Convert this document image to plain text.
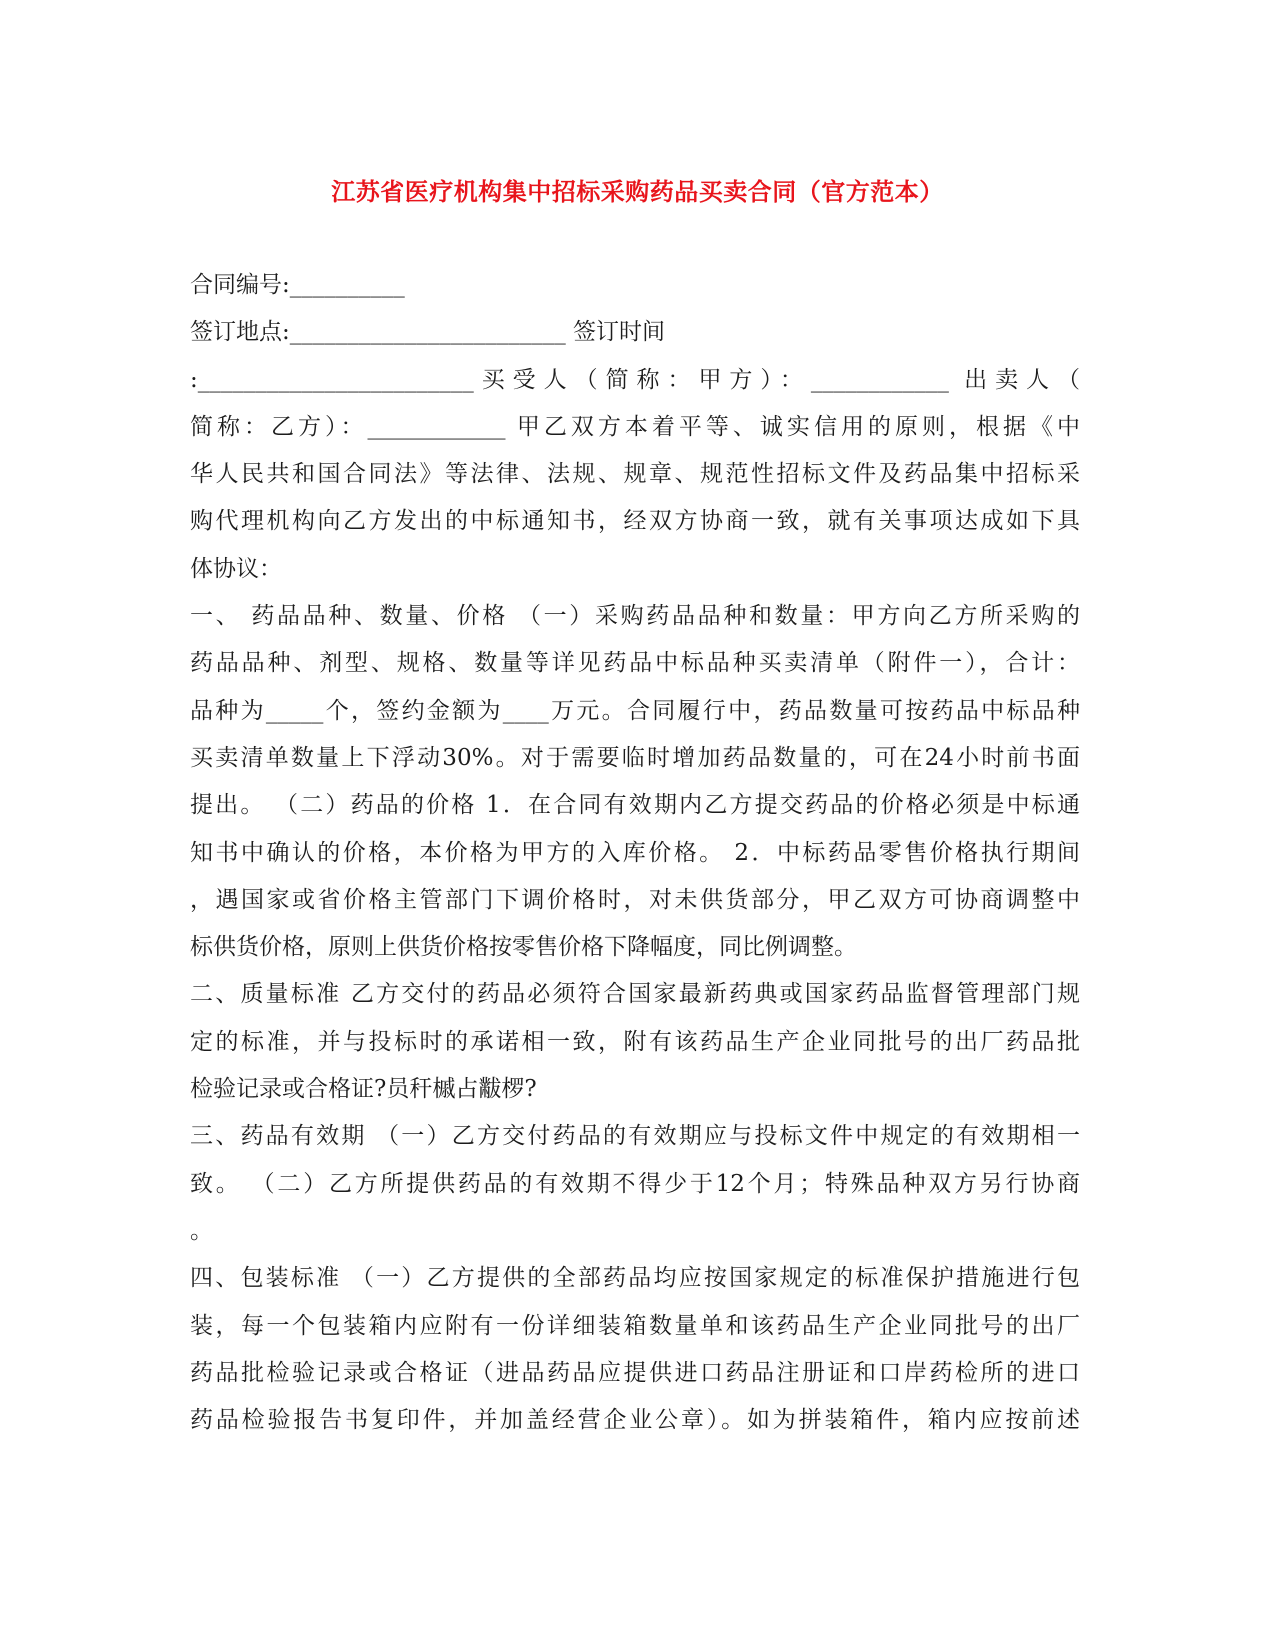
江苏省医疗机构集中招标采购药品买卖合同（官方范本）
合同编号:__________
签订地点:________________________ 签订时间
:________________________买受人（简称：甲方）：____________ 出卖人（
简称：乙方）：____________ 甲乙双方本着平等、诚实信用的原则，根据《中
华人民共和国合同法》等法律、法规、规章、规范性招标文件及药品集中招标采
购代理机构向乙方发出的中标通知书，经双方协商一致，就有关事项达成如下具
体协议：
一、 药品品种、数量、价格 （一）采购药品品种和数量：甲方向乙方所采购的
药品品种、剂型、规格、数量等详见药品中标品种买卖清单（附件一），合计：
品种为_____个，签约金额为____万元。合同履行中，药品数量可按药品中标品种
买卖清单数量上下浮动30%。对于需要临时增加药品数量的，可在24小时前书面
提出。 （二）药品的价格 1．在合同有效期内乙方提交药品的价格必须是中标通
知书中确认的价格，本价格为甲方的入库价格。 2．中标药品零售价格执行期间
，遇国家或省价格主管部门下调价格时，对未供货部分，甲乙双方可协商调整中
标供货价格，原则上供货价格按零售价格下降幅度，同比例调整。
二、质量标准 乙方交付的药品必须符合国家最新药典或国家药品监督管理部门规
定的标准，并与投标时的承诺相一致，附有该药品生产企业同批号的出厂药品批
检验记录或合格证?员秆槭占黻椤?
三、药品有效期 （一）乙方交付药品的有效期应与投标文件中规定的有效期相一
致。 （二）乙方所提供药品的有效期不得少于12个月；特殊品种双方另行协商
。
四、包装标准 （一）乙方提供的全部药品均应按国家规定的标准保护措施进行包
装，每一个包装箱内应附有一份详细装箱数量单和该药品生产企业同批号的出厂
药品批检验记录或合格证（进品药品应提供进口药品注册证和口岸药检所的进口
药品检验报告书复印件，并加盖经营企业公章）。如为拼装箱件，箱内应按前述
